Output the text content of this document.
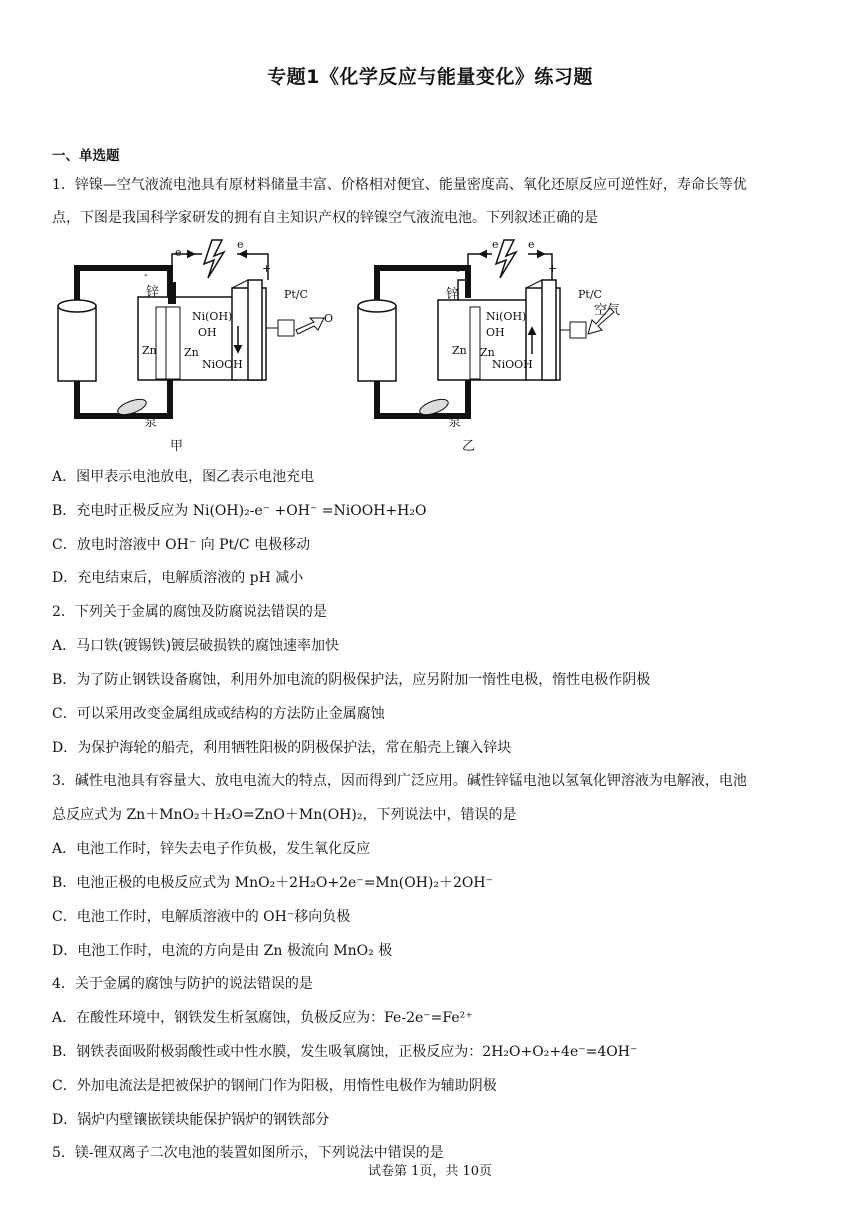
专题1《化学反应与能量变化》练习题
一、单选题
1．锌镍—空气液流电池具有原材料储量丰富、价格相对便宜、能量密度高、氧化还原反应可逆性好，寿命长等优
点，下图是我国科学家研发的拥有自主知识产权的锌镍空气液流电池。下列叙述正确的是
e
e
-	+
锌
Zn Zn
Ni(OH)
OH
NiOOH
Pt/C
O
泵
甲
e	e
-	+
锌
Zn Zn
Ni(OH)
OH
NiOOH
Pt/C
空气
泵
乙
A．图甲表示电池放电，图乙表示电池充电
B．充电时正极反应为 Ni(OH)₂-e⁻ +OH⁻ =NiOOH+H₂O
C．放电时溶液中 OH⁻ 向 Pt/C 电极移动
D．充电结束后，电解质溶液的 pH 减小
2．下列关于金属的腐蚀及防腐说法错误的是
A．马口铁(镀锡铁)镀层破损铁的腐蚀速率加快
B．为了防止钢铁设备腐蚀，利用外加电流的阴极保护法，应另附加一惰性电极，惰性电极作阴极
C．可以采用改变金属组成或结构的方法防止金属腐蚀
D．为保护海轮的船壳，利用牺牲阳极的阴极保护法，常在船壳上镶入锌块
3．碱性电池具有容量大、放电电流大的特点，因而得到广泛应用。碱性锌锰电池以氢氧化钾溶液为电解液，电池
总反应式为 Zn＋MnO₂＋H₂O=ZnO＋Mn(OH)₂，下列说法中，错误的是
A．电池工作时，锌失去电子作负极，发生氧化反应
B．电池正极的电极反应式为 MnO₂＋2H₂O+2e⁻=Mn(OH)₂＋2OH⁻
C．电池工作时，电解质溶液中的 OH⁻移向负极
D．电池工作时，电流的方向是由 Zn 极流向 MnO₂ 极
4．关于金属的腐蚀与防护的说法错误的是
A．在酸性环境中，钢铁发生析氢腐蚀，负极反应为：Fe-2e⁻=Fe²⁺
B．钢铁表面吸附极弱酸性或中性水膜，发生吸氧腐蚀，正极反应为：2H₂O+O₂+4e⁻=4OH⁻
C．外加电流法是把被保护的钢闸门作为阳极，用惰性电极作为辅助阴极
D．锅炉内壁镶嵌镁块能保护锅炉的钢铁部分
5．镁-锂双离子二次电池的装置如图所示，下列说法中错误的是
试卷第 1页，共 10页
